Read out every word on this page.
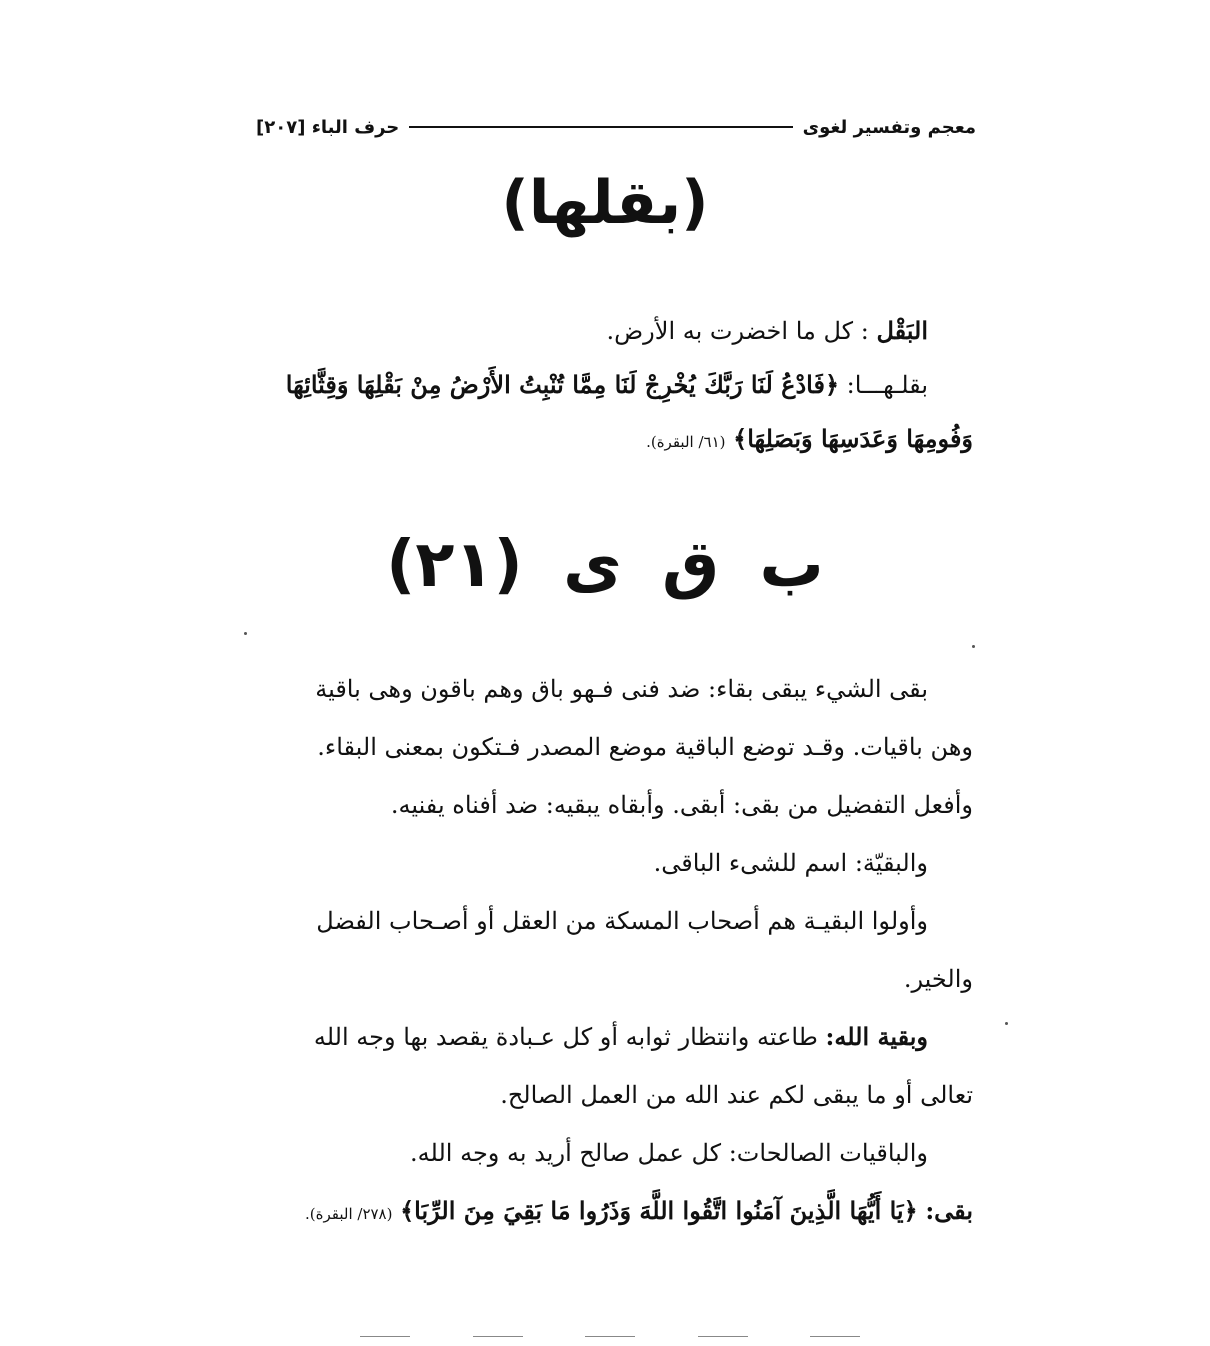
معجم وتفسير لغوى
حرف الباء [٢٠٧]
(بقلها)
البَقْل : كل ما اخضرت به الأرض.
بقلـهـــا: ﴿فَادْعُ لَنَا رَبَّكَ يُخْرِجْ لَنَا مِمَّا تُنْبِتُ الأَرْضُ مِنْ بَقْلِهَا وَقِثَّائِهَا
وَفُومِهَا وَعَدَسِهَا وَبَصَلِهَا﴾ (٦١/ البقرة).
ب ق ى (٢١)
بقى الشيء يبقى بقاء: ضد فنى فـهو باق وهم باقون وهى باقية
وهن باقيات. وقـد توضع الباقية موضع المصدر فـتكون بمعنى البقاء.
وأفعل التفضيل من بقى: أبقى. وأبقاه يبقيه: ضد أفناه يفنيه.
والبقيّة: اسم للشىء الباقى.
وأولوا البقيـة هم أصحاب المسكة من العقل أو أصـحاب الفضل
والخير.
وبقية الله: طاعته وانتظار ثوابه أو كل عـبادة يقصد بها وجه الله
تعالى أو ما يبقى لكم عند الله من العمل الصالح.
والباقيات الصالحات: كل عمل صالح أريد به وجه الله.
بقى: ﴿يَا أَيُّهَا الَّذِينَ آمَنُوا اتَّقُوا اللَّهَ وَذَرُوا مَا بَقِيَ مِنَ الرِّبَا﴾ (٢٧٨/ البقرة).
